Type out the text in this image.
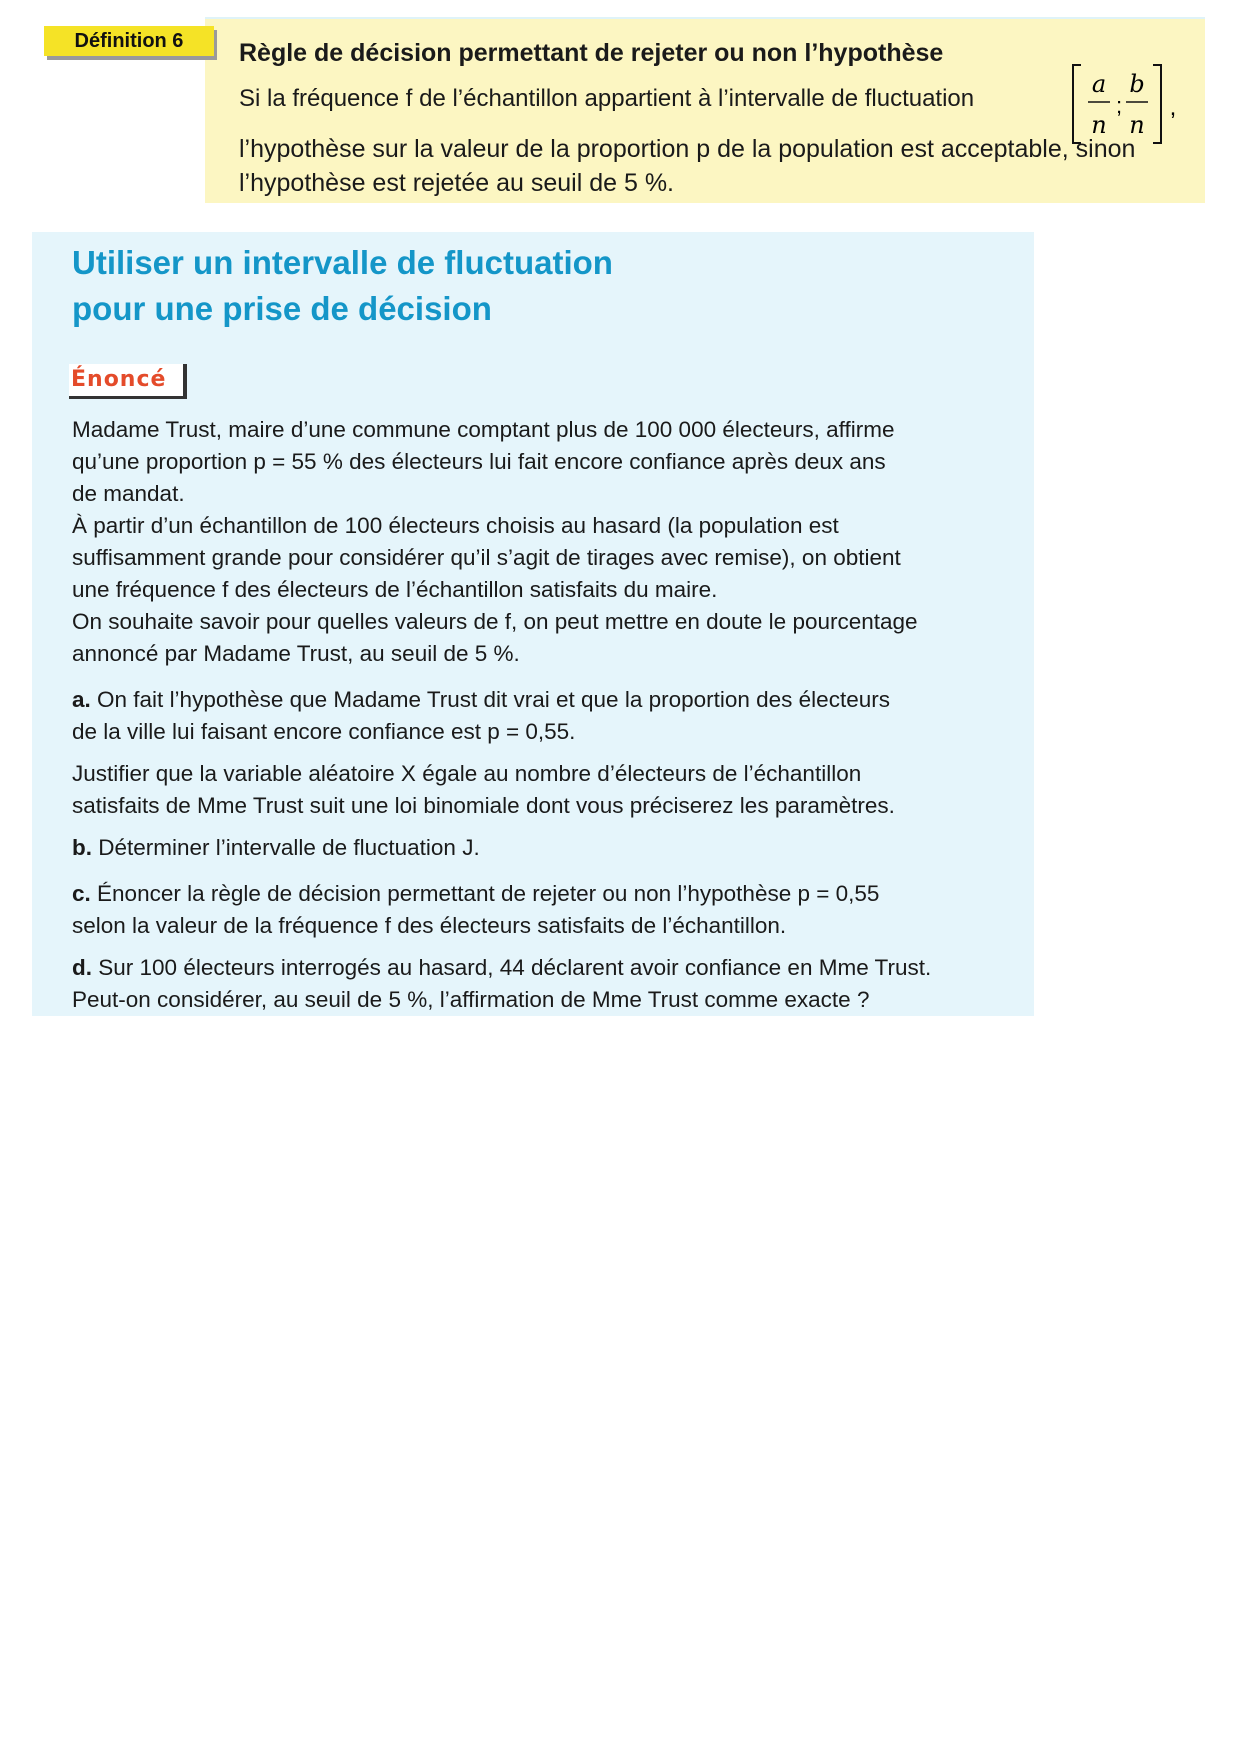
Définition 6	Règle de décision permettant de rejeter ou non l’hypothèse
Si la fréquence f de l’échantillon appartient à l’intervalle de fluctuation
a
n
;
b
n
,
l’hypothèse sur la valeur de la proportion p de la population est acceptable, sinon
l’hypothèse est rejetée au seuil de 5 %.
Utiliser un intervalle de fluctuation
pour une prise de décision
Énoncé
Madame Trust, maire d’une commune comptant plus de 100 000 électeurs, affirme
qu’une proportion p = 55 % des électeurs lui fait encore confiance après deux ans
de mandat.
À partir d’un échantillon de 100 électeurs choisis au hasard (la population est
suffisamment grande pour considérer qu’il s’agit de tirages avec remise), on obtient
une fréquence f des électeurs de l’échantillon satisfaits du maire.
On souhaite savoir pour quelles valeurs de f, on peut mettre en doute le pourcentage
annoncé par Madame Trust, au seuil de 5 %.
a. On fait l’hypothèse que Madame Trust dit vrai et que la proportion des électeurs
de la ville lui faisant encore confiance est p = 0,55.
Justifier que la variable aléatoire X égale au nombre d’électeurs de l’échantillon
satisfaits de Mme Trust suit une loi binomiale dont vous préciserez les paramètres.
b. Déterminer l’intervalle de fluctuation J.
c. Énoncer la règle de décision permettant de rejeter ou non l’hypothèse p = 0,55
selon la valeur de la fréquence f des électeurs satisfaits de l’échantillon.
d. Sur 100 électeurs interrogés au hasard, 44 déclarent avoir confiance en Mme Trust.
Peut-on considérer, au seuil de 5 %, l’affirmation de Mme Trust comme exacte ?
